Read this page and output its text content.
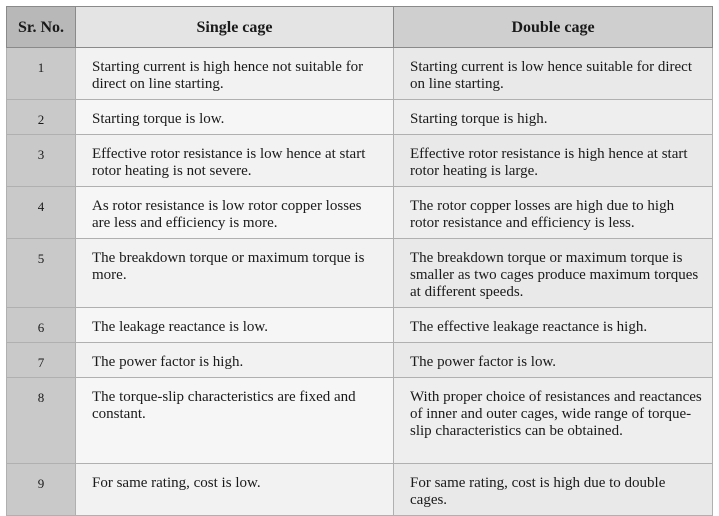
Sr. No.	Single cage	Double cage
1	Starting current is high hence not suitable for direct on line starting.	Starting current is low hence suitable for direct on line starting.
2	Starting torque is low.	Starting torque is high.
3	Effective rotor resistance is low hence at start rotor heating is not severe.	Effective rotor resistance is high hence at start rotor heating is large.
4	As rotor resistance is low rotor copper losses are less and efficiency is more.	The rotor copper losses are high due to high rotor resistance and efficiency is less.
5	The breakdown torque or maximum torque is more.	The breakdown torque or maximum torque is smaller as two cages produce maximum torques at different speeds.
6	The leakage reactance is low.	The effective leakage reactance is high.
7	The power factor is high.	The power factor is low.
8	The torque-slip characteristics are fixed and constant.	With proper choice of resistances and reactances of inner and outer cages, wide range of torque-slip characteristics can be obtained.
9	For same rating, cost is low.	For same rating, cost is high due to double cages.
